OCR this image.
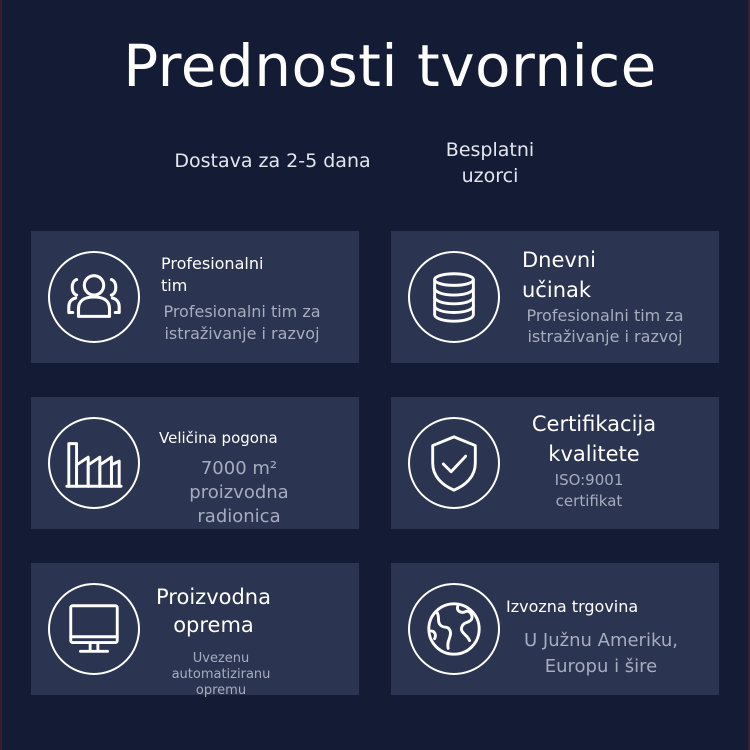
Prednosti tvornice
Dostava za 2-5 dana	Besplatni uzorci
Profesionalni tim
Profesionalni tim za istraživanje i razvoj
Dnevni učinak
Profesionalni tim za istraživanje i razvoj
Veličina pogona
7000 m² proizvodna radionica
Certifikacija kvalitete
ISO:9001 certifikat
Proizvodna oprema
Uvezenu automatiziranu opremu
Izvozna trgovina
U Južnu Ameriku, Europu i šire
